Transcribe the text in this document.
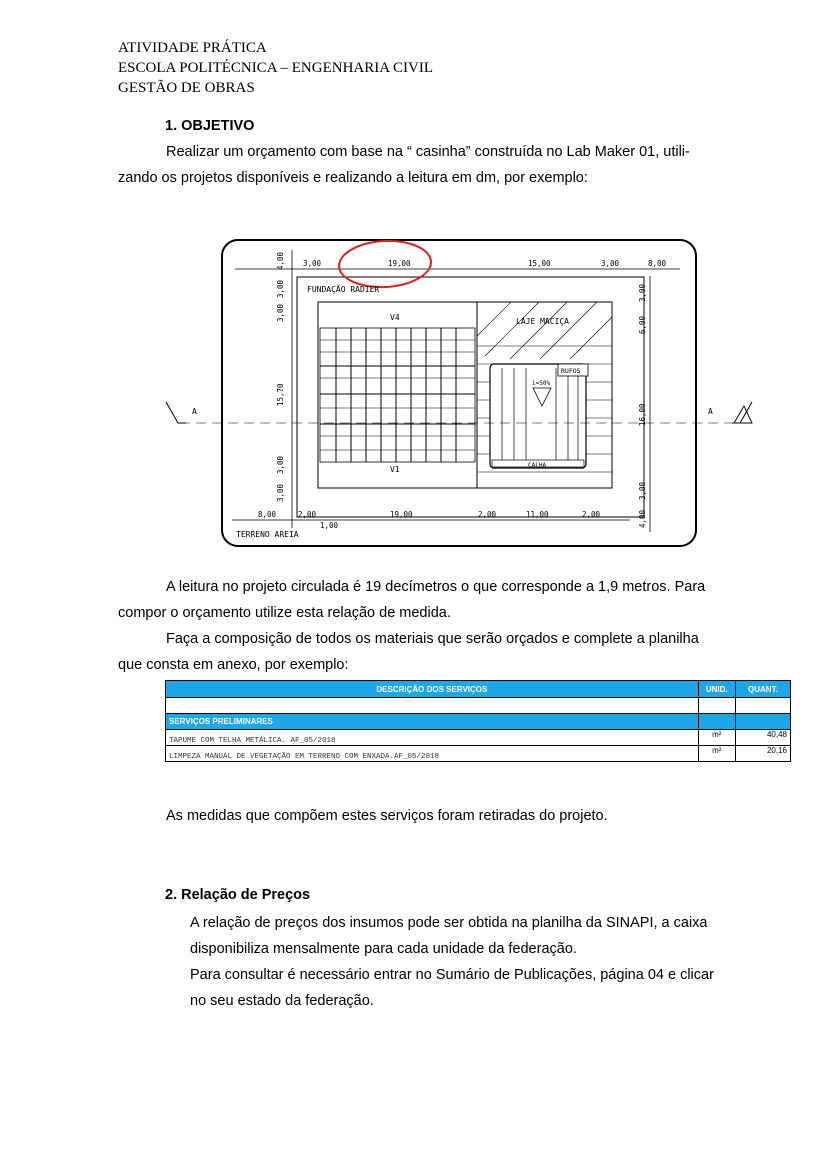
ATIVIDADE PRÁTICA
ESCOLA POLITÉCNICA – ENGENHARIA CIVIL
GESTÃO DE OBRAS
1. OBJETIVO

Realizar um orçamento com base na “ casinha” construída no Lab Maker 01, utili-

zando os projetos disponíveis e realizando a leitura em dm, por exemplo:

3,00	19,00	15,00	3,00	8,00
8,00	2,00	19,00	2,00	11,00	2,00
1,00
4,00
3,00
3,00
15,70
3,00
3,00
3,00
6,00
16,00
3,00
4,00
FUNDAÇÃO RADIER
V4
V1
LAJE MACIÇA
RUFOS
i=50%
CALHA
TERRENO AREIA
A	A

A leitura no projeto circulada é 19 decímetros o que corresponde a 1,9 metros. Para

compor o orçamento utilize esta relação de medida.

Faça a composição de todos os materiais que serão orçados e complete a planilha

que consta em anexo, por exemplo:

DESCRIÇÃO DOS SERVIÇOS	UNID.	QUANT.

SERVIÇOS PRELIMINARES		
TAPUME COM TELHA METÁLICA. AF_05/2018	m²	40,48
LIMPEZA MANUAL DE VEGETAÇÃO EM TERRENO COM ENXADA.AF_05/2018	m²	20,16

As medidas que compõem estes serviços foram retiradas do projeto.

2. Relação de Preços

A relação de preços dos insumos pode ser obtida na planilha da SINAPI, a caixa

disponibiliza mensalmente para cada unidade da federação.

Para consultar é necessário entrar no Sumário de Publicações, página 04 e clicar

no seu estado da federação.
